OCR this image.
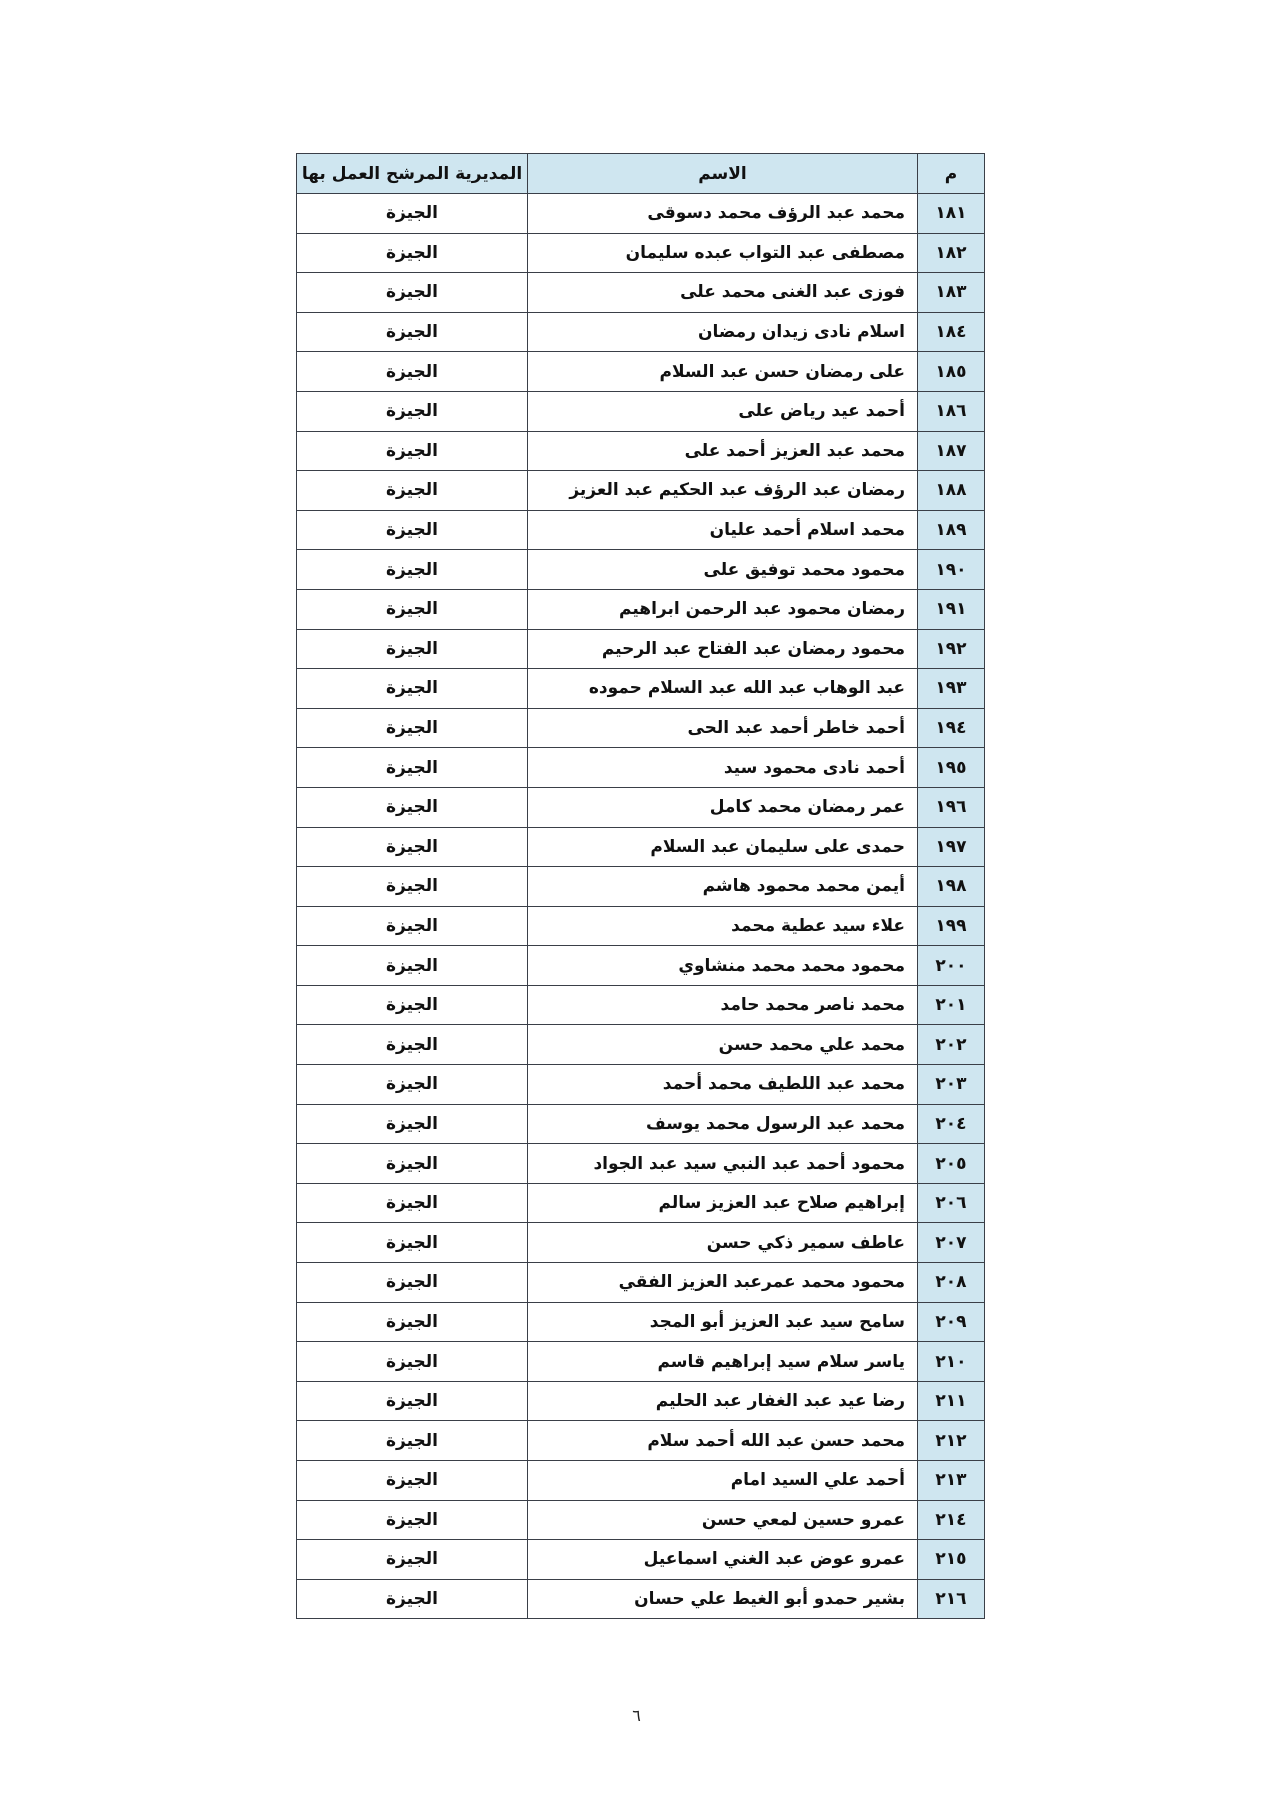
م	الاسم	المديرية المرشح العمل بها
١٨١	محمد عبد الرؤف محمد دسوقى	الجيزة
١٨٢	مصطفى عبد التواب عبده سليمان	الجيزة
١٨٣	فوزى عبد الغنى محمد على	الجيزة
١٨٤	اسلام نادى زيدان رمضان	الجيزة
١٨٥	على رمضان حسن عبد السلام	الجيزة
١٨٦	أحمد عيد رياض على	الجيزة
١٨٧	محمد عبد العزيز أحمد على	الجيزة
١٨٨	رمضان عبد الرؤف عبد الحكيم عبد العزيز	الجيزة
١٨٩	محمد اسلام أحمد عليان	الجيزة
١٩٠	محمود محمد توفيق على	الجيزة
١٩١	رمضان محمود عبد الرحمن ابراهيم	الجيزة
١٩٢	محمود رمضان عبد الفتاح عبد الرحيم	الجيزة
١٩٣	عبد الوهاب عبد الله عبد السلام حموده	الجيزة
١٩٤	أحمد خاطر أحمد عبد الحى	الجيزة
١٩٥	أحمد نادى محمود سيد	الجيزة
١٩٦	عمر رمضان محمد كامل	الجيزة
١٩٧	حمدى على سليمان عبد السلام	الجيزة
١٩٨	أيمن محمد محمود هاشم	الجيزة
١٩٩	علاء سيد عطية محمد	الجيزة
٢٠٠	محمود محمد محمد منشاوي	الجيزة
٢٠١	محمد ناصر محمد حامد	الجيزة
٢٠٢	محمد علي محمد حسن	الجيزة
٢٠٣	محمد عبد اللطيف محمد أحمد	الجيزة
٢٠٤	محمد عبد الرسول محمد يوسف	الجيزة
٢٠٥	محمود أحمد عبد النبي سيد عبد الجواد	الجيزة
٢٠٦	إبراهيم صلاح عبد العزيز سالم	الجيزة
٢٠٧	عاطف سمير ذكي حسن	الجيزة
٢٠٨	محمود محمد عمرعبد العزيز الفقي	الجيزة
٢٠٩	سامح سيد عبد العزيز أبو المجد	الجيزة
٢١٠	ياسر سلام سيد إبراهيم قاسم	الجيزة
٢١١	رضا عيد عبد الغفار عبد الحليم	الجيزة
٢١٢	محمد حسن عبد الله أحمد سلام	الجيزة
٢١٣	أحمد علي السيد امام	الجيزة
٢١٤	عمرو حسين لمعي حسن	الجيزة
٢١٥	عمرو عوض عبد الغني اسماعيل	الجيزة
٢١٦	بشير حمدو أبو الغيط علي حسان	الجيزة
٦
